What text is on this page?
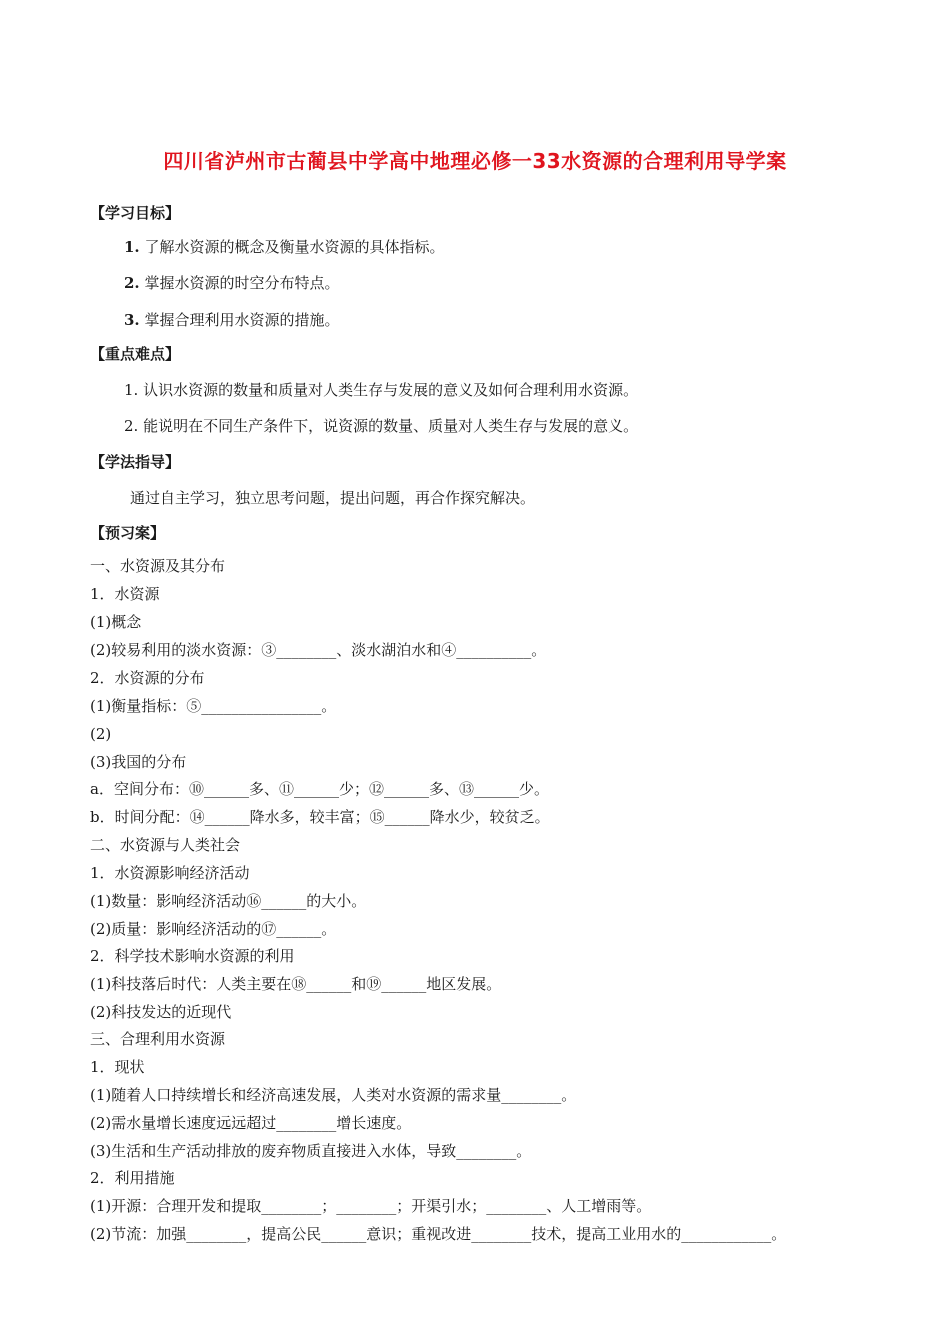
四川省泸州市古蔺县中学高中地理必修一33水资源的合理利用导学案
【学习目标】
1. 了解水资源的概念及衡量水资源的具体指标。
2. 掌握水资源的时空分布特点。
3. 掌握合理利用水资源的措施。
【重点难点】
1. 认识水资源的数量和质量对人类生存与发展的意义及如何合理利用水资源。
2. 能说明在不同生产条件下，说资源的数量、质量对人类生存与发展的意义。
【学法指导】
通过自主学习，独立思考问题，提出问题，再合作探究解决。
【预习案】
一、水资源及其分布
1．水资源
(1)概念
(2)较易利用的淡水资源：③________、淡水湖泊水和④__________。
2．水资源的分布
(1)衡量指标：⑤________________。
(2)
(3)我国的分布
a．空间分布：⑩______多、⑪______少；⑫______多、⑬______少。
b．时间分配：⑭______降水多，较丰富；⑮______降水少，较贫乏。
二、水资源与人类社会
1．水资源影响经济活动
(1)数量：影响经济活动⑯______的大小。
(2)质量：影响经济活动的⑰______。
2．科学技术影响水资源的利用
(1)科技落后时代：人类主要在⑱______和⑲______地区发展。
(2)科技发达的近现代
三、合理利用水资源
1．现状
(1)随着人口持续增长和经济高速发展，人类对水资源的需求量________。
(2)需水量增长速度远远超过________增长速度。
(3)生活和生产活动排放的废弃物质直接进入水体，导致________。
2．利用措施
(1)开源：合理开发和提取________；________；开渠引水；________、人工增雨等。
(2)节流：加强________，提高公民______意识；重视改进________技术，提高工业用水的____________。
